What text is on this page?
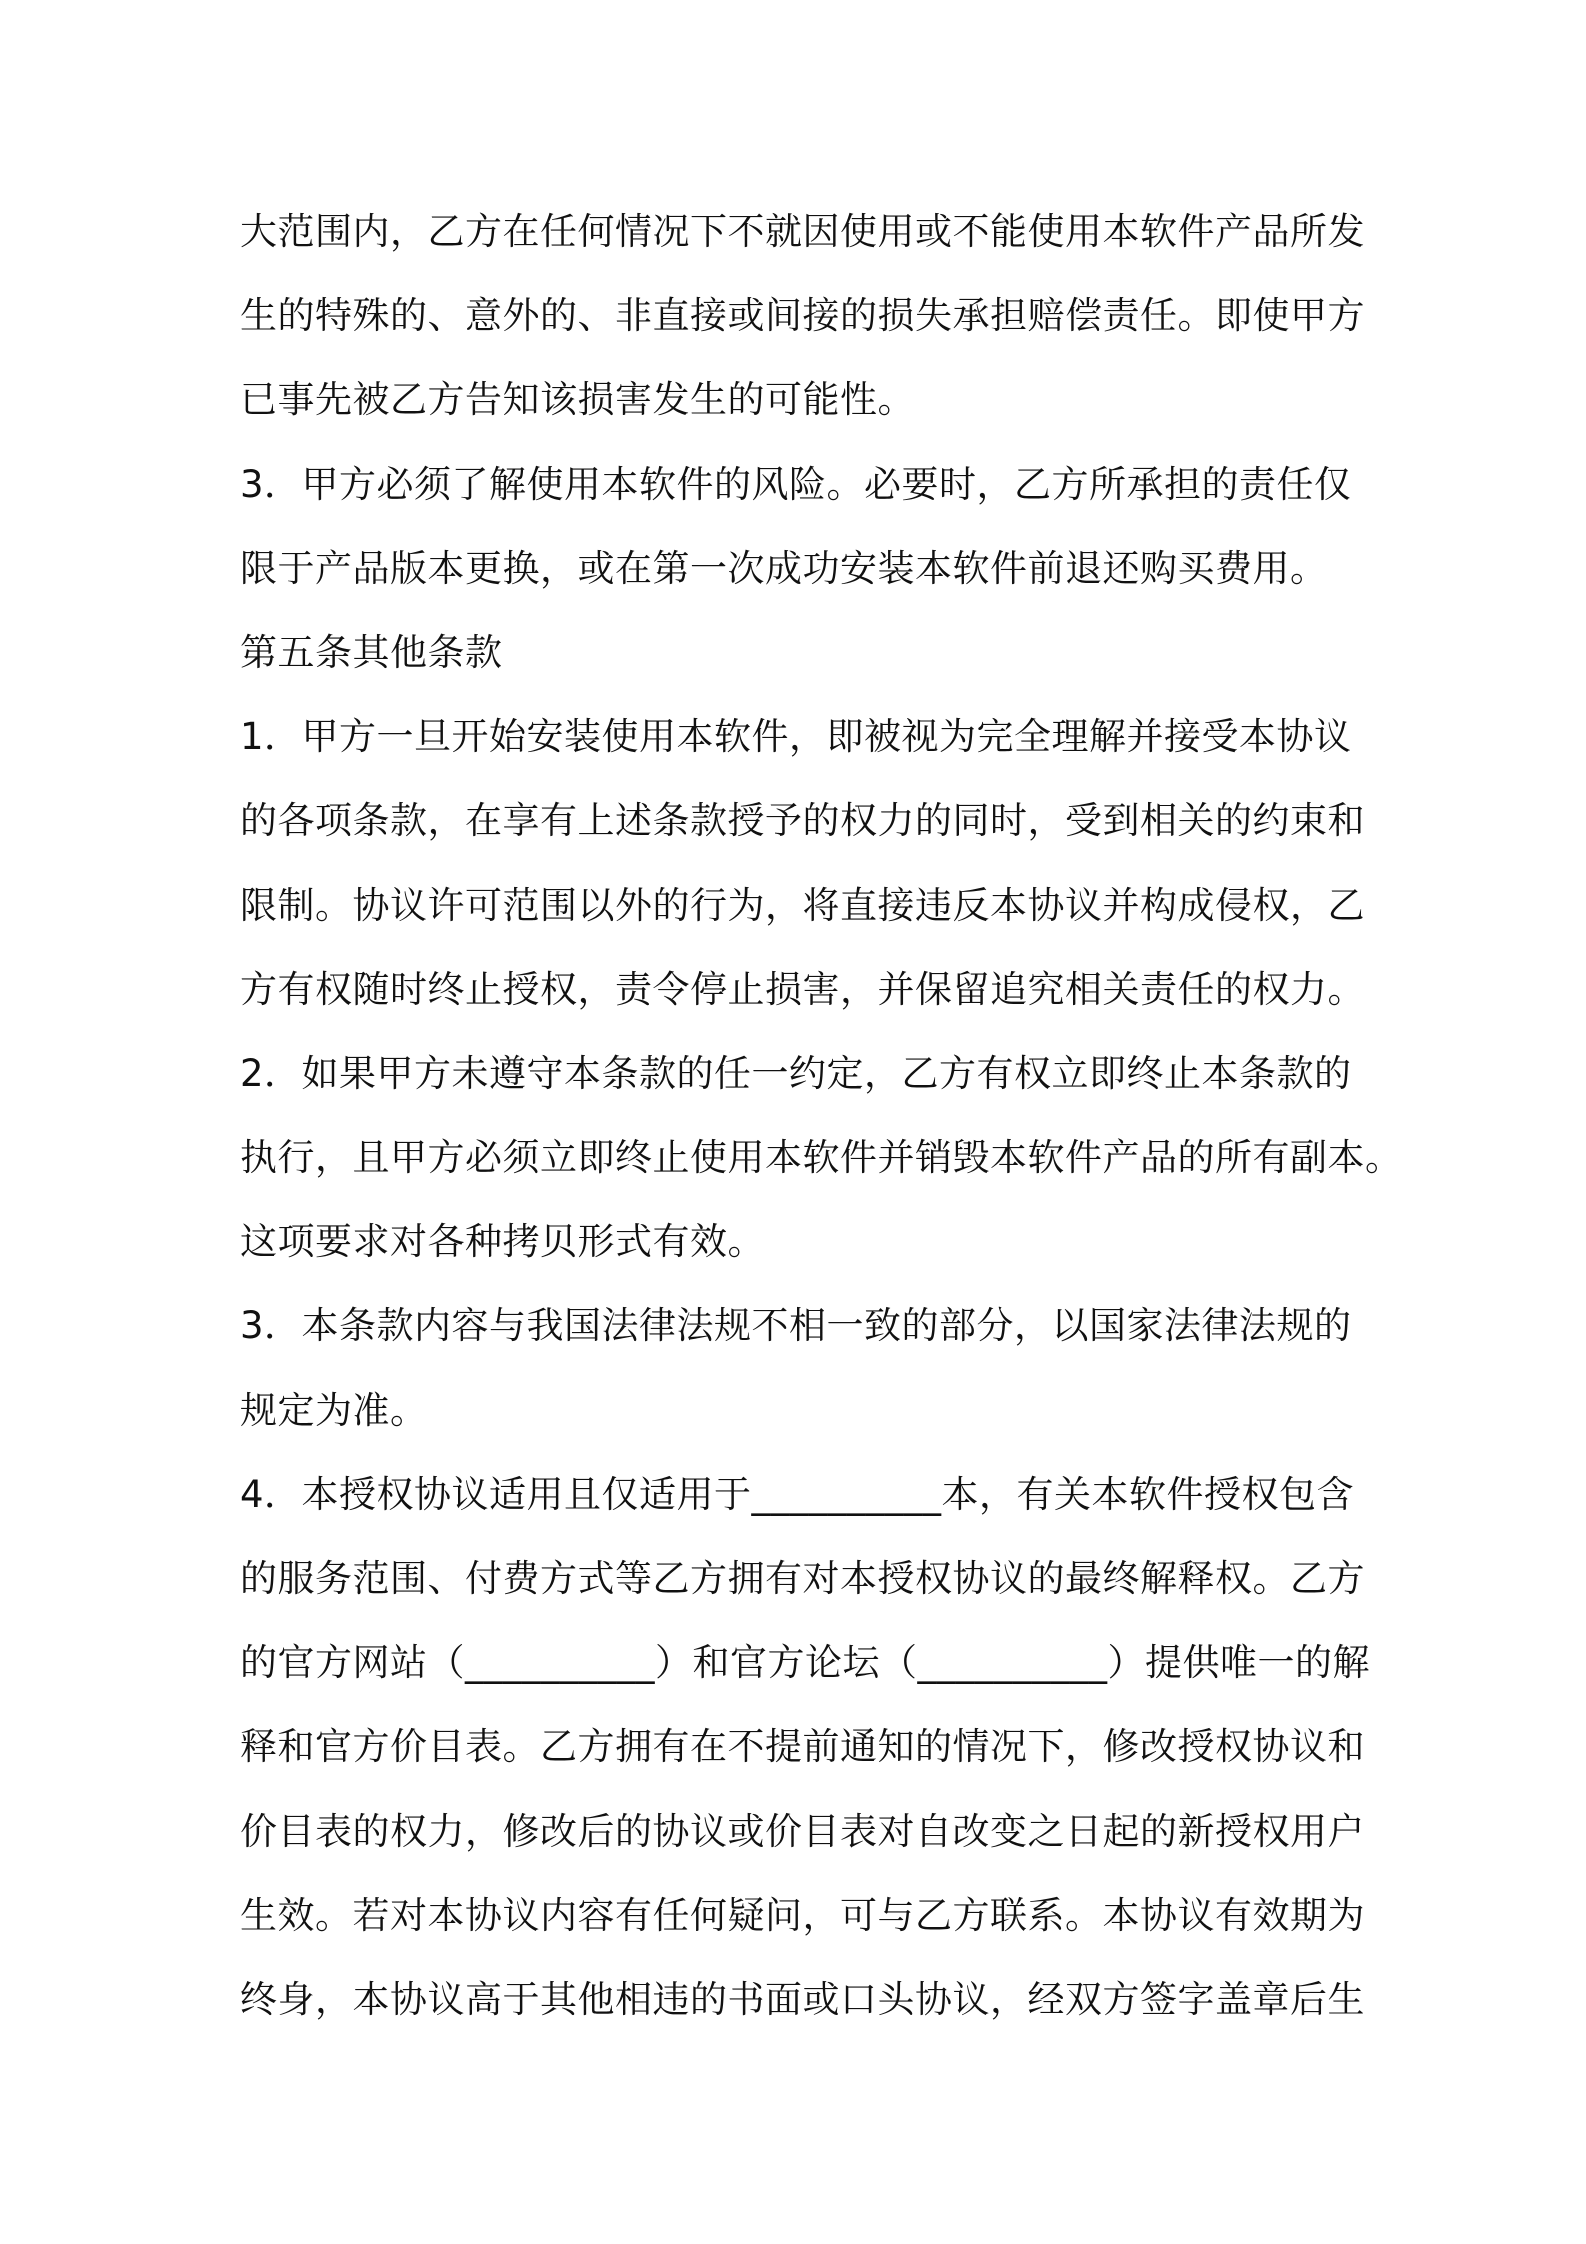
大范围内，乙方在任何情况下不就因使用或不能使用本软件产品所发
生的特殊的、意外的、非直接或间接的损失承担赔偿责任。即使甲方
已事先被乙方告知该损害发生的可能性。
3．甲方必须了解使用本软件的风险。必要时，乙方所承担的责任仅
限于产品版本更换，或在第一次成功安装本软件前退还购买费用。
第五条其他条款
1．甲方一旦开始安装使用本软件，即被视为完全理解并接受本协议
的各项条款，在享有上述条款授予的权力的同时，受到相关的约束和
限制。协议许可范围以外的行为，将直接违反本协议并构成侵权，乙
方有权随时终止授权，责令停止损害，并保留追究相关责任的权力。
2．如果甲方未遵守本条款的任一约定，乙方有权立即终止本条款的
执行，且甲方必须立即终止使用本软件并销毁本软件产品的所有副本。
这项要求对各种拷贝形式有效。
3．本条款内容与我国法律法规不相一致的部分，以国家法律法规的
规定为准。
4．本授权协议适用且仅适用于__________本，有关本软件授权包含
的服务范围、付费方式等乙方拥有对本授权协议的最终解释权。乙方
的官方网站（__________）和官方论坛（__________）提供唯一的解
释和官方价目表。乙方拥有在不提前通知的情况下，修改授权协议和
价目表的权力，修改后的协议或价目表对自改变之日起的新授权用户
生效。若对本协议内容有任何疑问，可与乙方联系。本协议有效期为
终身，本协议高于其他相违的书面或口头协议，经双方签字盖章后生
